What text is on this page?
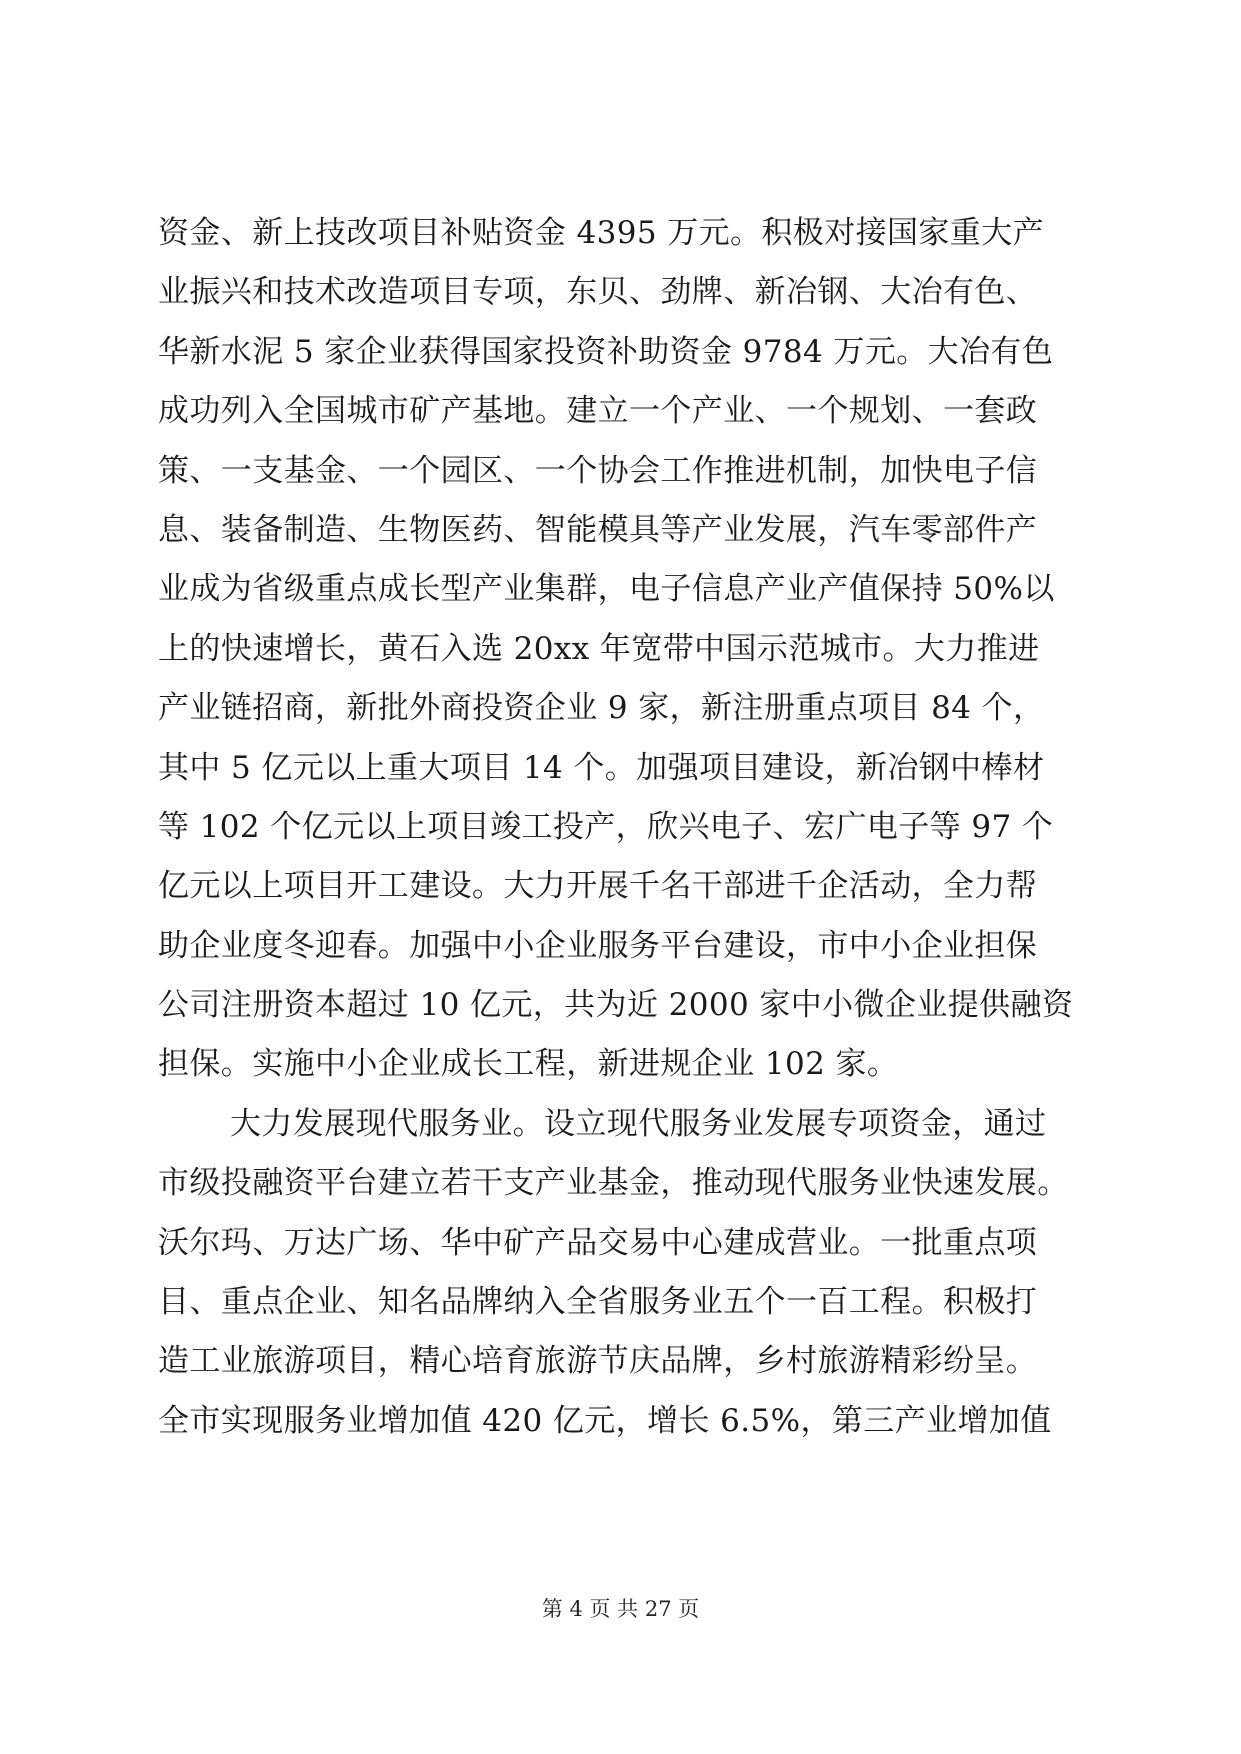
资金、新上技改项目补贴资金 4395 万元。积极对接国家重大产
业振兴和技术改造项目专项，东贝、劲牌、新冶钢、大冶有色、
华新水泥 5 家企业获得国家投资补助资金 9784 万元。大冶有色
成功列入全国城市矿产基地。建立一个产业、一个规划、一套政
策、一支基金、一个园区、一个协会工作推进机制，加快电子信
息、装备制造、生物医药、智能模具等产业发展，汽车零部件产
业成为省级重点成长型产业集群，电子信息产业产值保持 50%以
上的快速增长，黄石入选 20xx 年宽带中国示范城市。大力推进
产业链招商，新批外商投资企业 9 家，新注册重点项目 84 个，
其中 5 亿元以上重大项目 14 个。加强项目建设，新冶钢中棒材
等 102 个亿元以上项目竣工投产，欣兴电子、宏广电子等 97 个
亿元以上项目开工建设。大力开展千名干部进千企活动，全力帮
助企业度冬迎春。加强中小企业服务平台建设，市中小企业担保
公司注册资本超过 10 亿元，共为近 2000 家中小微企业提供融资
担保。实施中小企业成长工程，新进规企业 102 家。
大力发展现代服务业。设立现代服务业发展专项资金，通过
市级投融资平台建立若干支产业基金，推动现代服务业快速发展。
沃尔玛、万达广场、华中矿产品交易中心建成营业。一批重点项
目、重点企业、知名品牌纳入全省服务业五个一百工程。积极打
造工业旅游项目，精心培育旅游节庆品牌，乡村旅游精彩纷呈。
全市实现服务业增加值 420 亿元，增长 6.5%，第三产业增加值
第 4 页 共 27 页
